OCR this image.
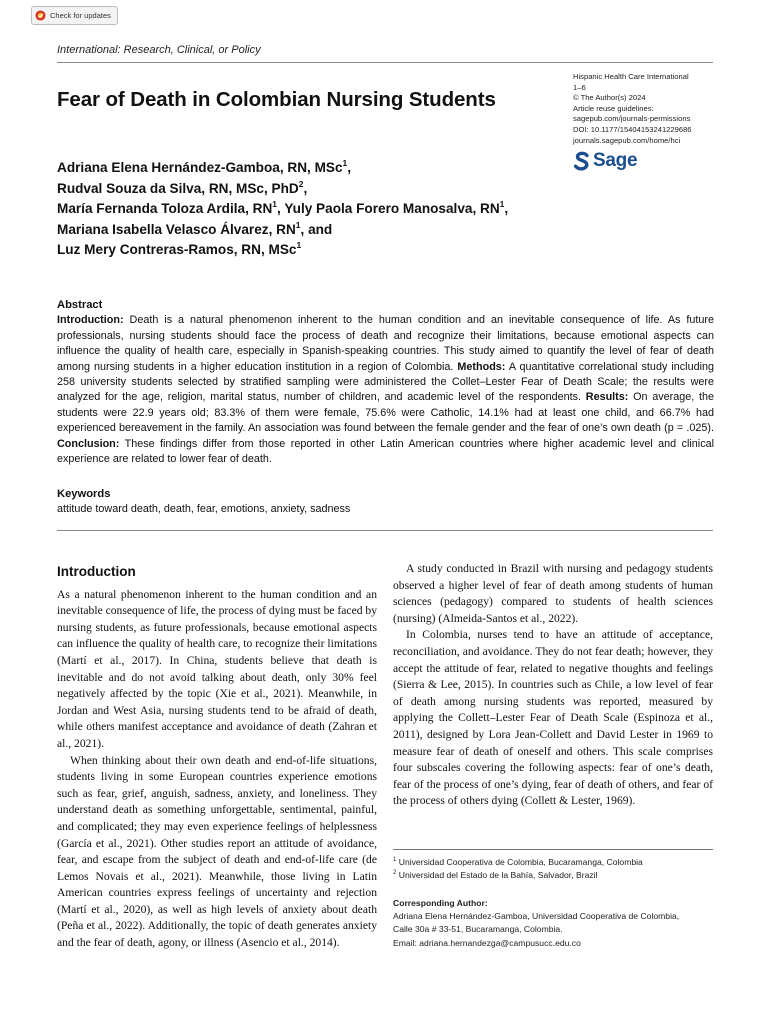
Check for updates
International: Research, Clinical, or Policy
Fear of Death in Colombian Nursing Students
Hispanic Health Care International
1–6
© The Author(s) 2024
Article reuse guidelines:
sagepub.com/journals-permissions
DOI: 10.1177/15404153241229686
journals.sagepub.com/home/hci
Sage
Adriana Elena Hernández-Gamboa, RN, MSc$^1$,
Rudval Souza da Silva, RN, MSc, PhD$^2$,
María Fernanda Toloza Ardila, $RN^1$, Yuly Paola Forero Manosalva, $RN^1$,
Mariana Isabella Velasco Álvarez, $RN^1$, and
Luz Mery Contreras-Ramos, RN, MSc$^1$
Abstract
Introduction: Death is a natural phenomenon inherent to the human condition and an inevitable consequence of life. As future professionals, nursing students should face the process of death and recognize their limitations, because emotional aspects can influence the quality of health care, especially in Spanish-speaking countries. This study aimed to quantify the level of fear of death among nursing students in a higher education institution in a region of Colombia. Methods: A quantitative correlational study including 258 university students selected by stratified sampling were administered the Collet–Lester Fear of Death Scale; the results were analyzed for the age, religion, marital status, number of children, and academic level of the respondents. Results: On average, the students were 22.9 years old; 83.3% of them were female, 75.6% were Catholic, 14.1% had at least one child, and 66.7% had experienced bereavement in the family. An association was found between the female gender and the fear of one’s own death (p = .025). Conclusion: These findings differ from those reported in other Latin American countries where higher academic level and clinical experience are related to lower fear of death.
Keywords
attitude toward death, death, fear, emotions, anxiety, sadness
Introduction

As a natural phenomenon inherent to the human condition and an inevitable consequence of life, the process of dying must be faced by nursing students, as future professionals, because emotional aspects can influence the quality of health care, to recognize their limitations (Martí et al., 2017). In China, students believe that death is inevitable and do not avoid talking about death, only 30% feel negatively affected by the topic (Xie et al., 2021). Meanwhile, in Jordan and West Asia, nursing students tend to be afraid of death, while others manifest acceptance and avoidance of death (Zahran et al., 2021).

When thinking about their own death and end-of-life situations, students living in some European countries experience emotions such as fear, grief, anguish, sadness, anxiety, and loneliness. They understand death as something unforgettable, sentimental, painful, and complicated; they may even experience feelings of helplessness (García et al., 2021). Other studies report an attitude of avoidance, fear, and escape from the subject of death and end-of-life care (de Lemos Novais et al., 2021). Meanwhile, those living in Latin American countries express feelings of uncertainty and rejection (Martí et al., 2020), as well as high levels of anxiety about death (Peña et al., 2022). Additionally, the topic of death generates anxiety and the fear of death, agony, or illness (Asencio et al., 2014).

A study conducted in Brazil with nursing and pedagogy students observed a higher level of fear of death among students of human sciences (pedagogy) compared to students of health sciences (nursing) (Almeida-Santos et al., 2022).

In Colombia, nurses tend to have an attitude of acceptance, reconciliation, and avoidance. They do not fear death; however, they accept the attitude of fear, related to negative thoughts and feelings (Sierra & Lee, 2015). In countries such as Chile, a low level of fear of death among nursing students was reported, measured by applying the Collett–Lester Fear of Death Scale (Espinoza et al., 2011), designed by Lora Jean-Collett and David Lester in 1969 to measure fear of death of oneself and others. This scale comprises four subscales covering the following aspects: fear of one’s death, fear of the process of one’s dying, fear of death of others, and fear of the process of others dying (Collett & Lester, 1969).

$^1$ Universidad Cooperativa de Colombia, Bucaramanga, Colombia
$^2$ Universidad del Estado de la Bahía, Salvador, Brazil
Corresponding Author:
Adriana Elena Hernández-Gamboa, Universidad Cooperativa de Colombia,
Calle 30a # 33-51, Bucaramanga, Colombia.
Email: adriana.hernandezga@campusucc.edu.co
